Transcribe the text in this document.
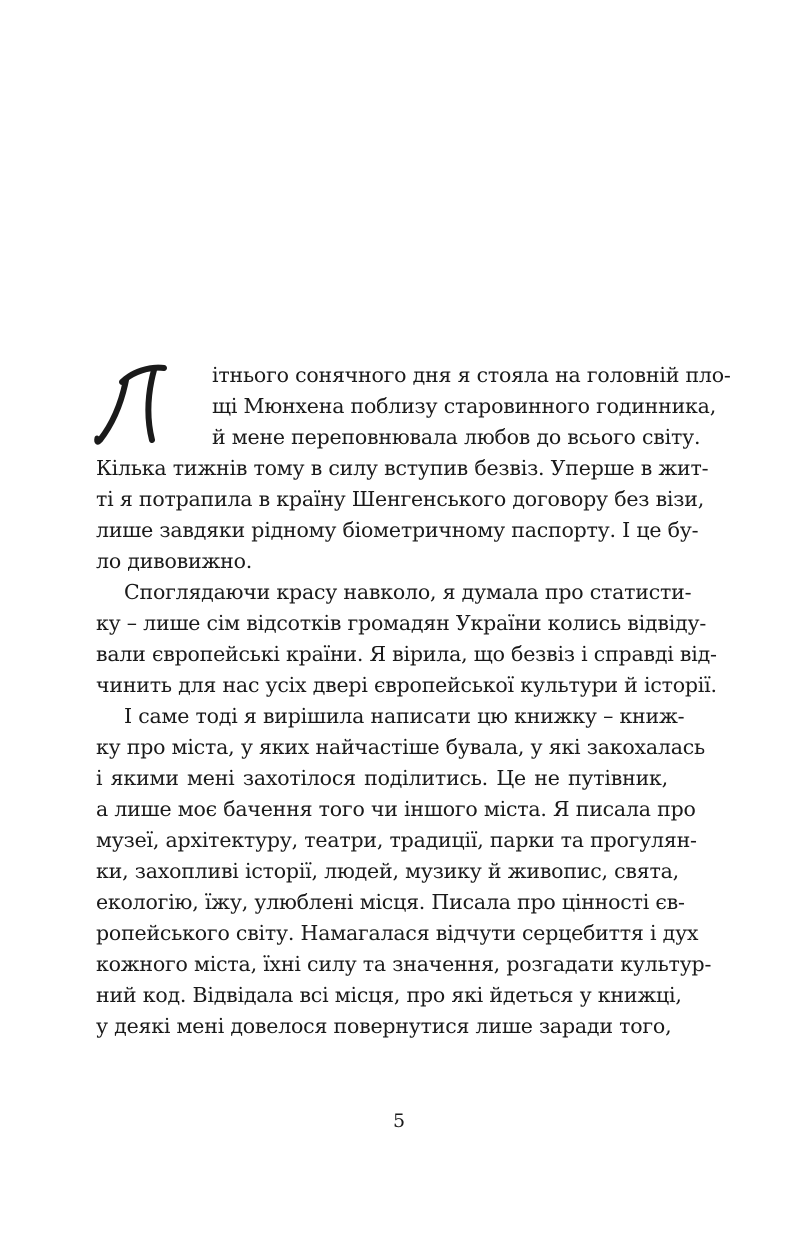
ітнього сонячного дня я стояла на головній пло-
щі Мюнхена поблизу старовинного годинника,
й мене переповнювала любов до всього світу.
Кілька тижнів тому в силу вступив безвіз. Уперше в жит-
ті я потрапила в країну Шенгенського договору без візи,
лише завдяки рідному біометричному паспорту. І це бу-
ло дивовижно.
Споглядаючи красу навколо, я думала про статисти-
ку – лише сім відсотків громадян України колись відвіду-
вали європейські країни. Я вірила, що безвіз і справді від-
чинить для нас усіх двері європейської культури й історії.
І саме тоді я вирішила написати цю книжку – книж-
ку про міста, у яких найчастіше бувала, у які закохалась
і якими мені захотілося поділитись. Це не путівник,
а лише моє бачення того чи іншого міста. Я писала про
музеї, архітектуру, театри, традиції, парки та прогулян-
ки, захопливі історії, людей, музику й живопис, свята,
екологію, їжу, улюблені місця. Писала про цінності єв-
ропейського світу. Намагалася відчути серцебиття і дух
кожного міста, їхні силу та значення, розгадати культур-
ний код. Відвідала всі місця, про які йдеться у книжці,
у деякі мені довелося повернутися лише заради того,
5
